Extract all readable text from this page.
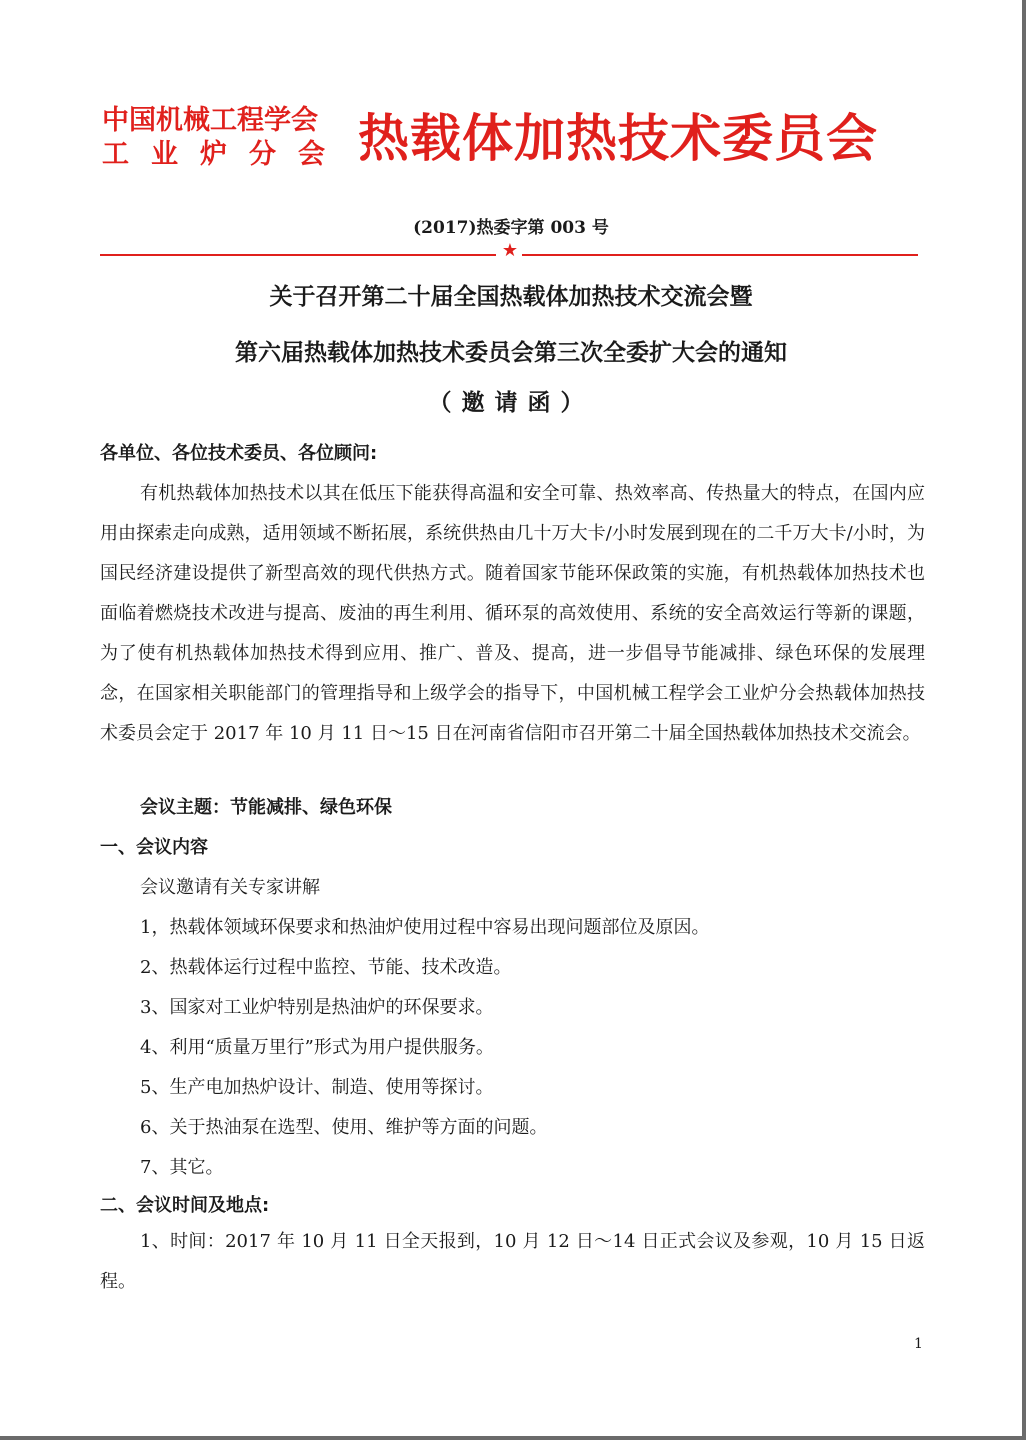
中国机械工程学会
工业炉分会 热载体加热技术委员会
(2017)热委字第 003 号
★
关于召开第二十届全国热载体加热技术交流会暨
第六届热载体加热技术委员会第三次全委扩大会的通知
（邀请函）
各单位、各位技术委员、各位顾问:
有机热载体加热技术以其在低压下能获得高温和安全可靠、热效率高、传热量大的特点，在国内应用由探索走向成熟，适用领域不断拓展，系统供热由几十万大卡/小时发展到现在的二千万大卡/小时，为国民经济建设提供了新型高效的现代供热方式。随着国家节能环保政策的实施，有机热载体加热技术也面临着燃烧技术改进与提高、废油的再生利用、循环泵的高效使用、系统的安全高效运行等新的课题，为了使有机热载体加热技术得到应用、推广、普及、提高，进一步倡导节能减排、绿色环保的发展理念，在国家相关职能部门的管理指导和上级学会的指导下，中国机械工程学会工业炉分会热载体加热技术委员会定于 2017 年 10 月 11 日～15 日在河南省信阳市召开第二十届全国热载体加热技术交流会。
会议主题：节能减排、绿色环保
一、会议内容
会议邀请有关专家讲解
1，热载体领域环保要求和热油炉使用过程中容易出现问题部位及原因。
2、热载体运行过程中监控、节能、技术改造。
3、国家对工业炉特别是热油炉的环保要求。
4、利用“质量万里行”形式为用户提供服务。
5、生产电加热炉设计、制造、使用等探讨。
6、关于热油泵在选型、使用、维护等方面的问题。
7、其它。
二、会议时间及地点:
1、时间：2017 年 10 月 11 日全天报到，10 月 12 日～14 日正式会议及参观，10 月 15 日返程。
1
